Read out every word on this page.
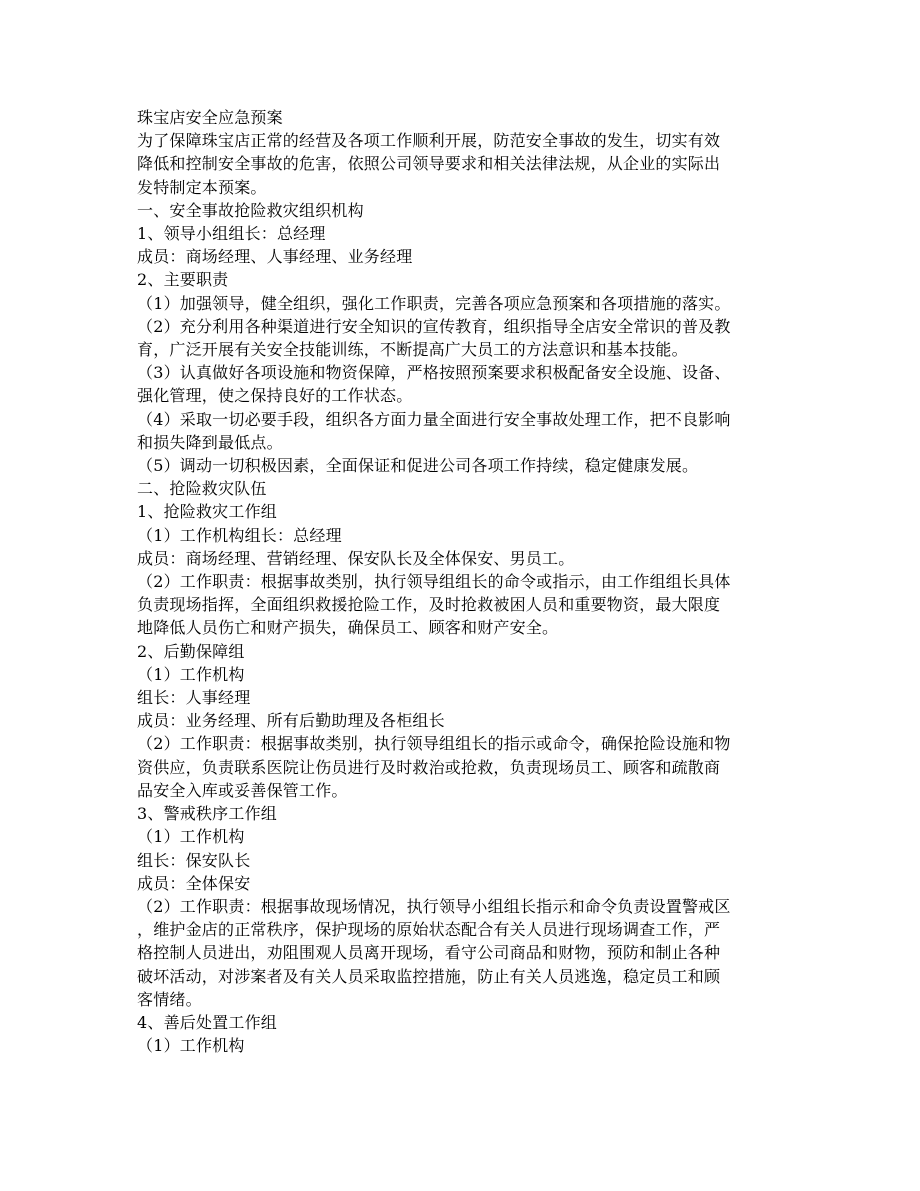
珠宝店安全应急预案
为了保障珠宝店正常的经营及各项工作顺利开展，防范安全事故的发生，切实有效
降低和控制安全事故的危害，依照公司领导要求和相关法律法规，从企业的实际出
发特制定本预案。
一、安全事故抢险救灾组织机构
1、领导小组组长：总经理
成员：商场经理、人事经理、业务经理
2、主要职责
（1）加强领导，健全组织，强化工作职责，完善各项应急预案和各项措施的落实。
（2）充分利用各种渠道进行安全知识的宣传教育，组织指导全店安全常识的普及教
育，广泛开展有关安全技能训练，不断提高广大员工的方法意识和基本技能。
（3）认真做好各项设施和物资保障，严格按照预案要求积极配备安全设施、设备、
强化管理，使之保持良好的工作状态。
（4）采取一切必要手段，组织各方面力量全面进行安全事故处理工作，把不良影响
和损失降到最低点。
（5）调动一切积极因素，全面保证和促进公司各项工作持续，稳定健康发展。
二、抢险救灾队伍
1、抢险救灾工作组
（1）工作机构组长：总经理
成员：商场经理、营销经理、保安队长及全体保安、男员工。
（2）工作职责：根据事故类别，执行领导组组长的命令或指示，由工作组组长具体
负责现场指挥，全面组织救援抢险工作，及时抢救被困人员和重要物资，最大限度
地降低人员伤亡和财产损失，确保员工、顾客和财产安全。
2、后勤保障组
（1）工作机构
组长：人事经理
成员：业务经理、所有后勤助理及各柜组长
（2）工作职责：根据事故类别，执行领导组组长的指示或命令，确保抢险设施和物
资供应，负责联系医院让伤员进行及时救治或抢救，负责现场员工、顾客和疏散商
品安全入库或妥善保管工作。
3、警戒秩序工作组
（1）工作机构
组长：保安队长
成员：全体保安
（2）工作职责：根据事故现场情况，执行领导小组组长指示和命令负责设置警戒区
，维护金店的正常秩序，保护现场的原始状态配合有关人员进行现场调查工作，严
格控制人员进出，劝阻围观人员离开现场，看守公司商品和财物，预防和制止各种
破坏活动，对涉案者及有关人员采取监控措施，防止有关人员逃逸，稳定员工和顾
客情绪。
4、善后处置工作组
（1）工作机构
